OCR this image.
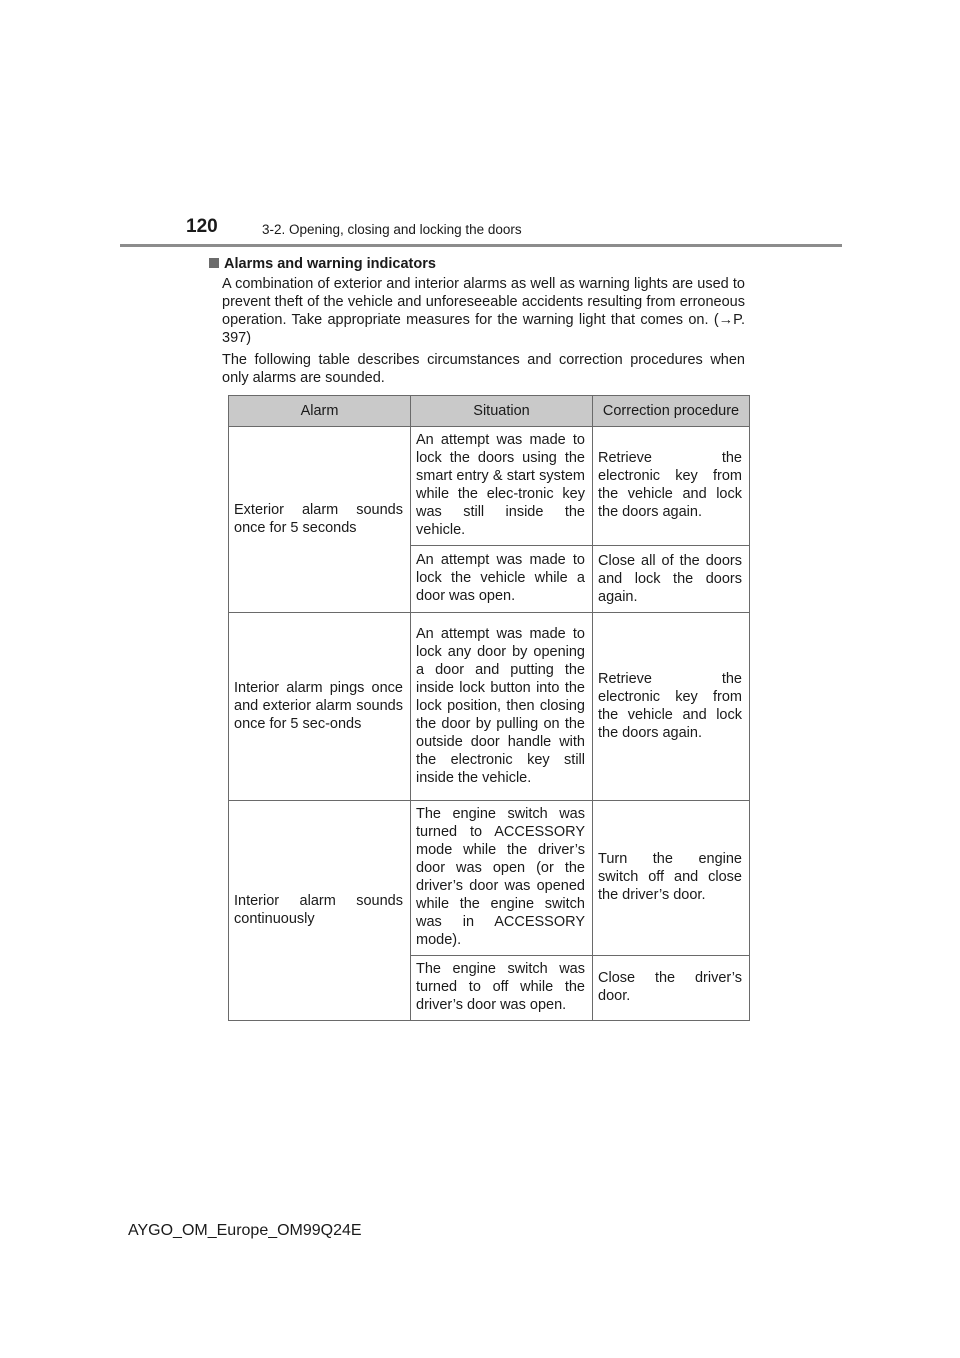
120	3-2. Opening, closing and locking the doors
Alarms and warning indicators

A combination of exterior and interior alarms as well as warning lights are used to prevent theft of the vehicle and unforeseeable accidents resulting from erroneous operation. Take appropriate measures for the warning light that comes on. (→P. 397)

The following table describes circumstances and correction procedures when only alarms are sounded.

Alarm	Situation	Correction procedure
Exterior alarm sounds once for 5 seconds	An attempt was made to lock the doors using the smart entry & start system while the elec-tronic key was still inside the vehicle.	Retrieve the electronic key from the vehicle and lock the doors again.
	An attempt was made to lock the vehicle while a door was open.	Close all of the doors and lock the doors again.
Interior alarm pings once and exterior alarm sounds once for 5 sec-onds	An attempt was made to lock any door by opening a door and putting the inside lock button into the lock position, then closing the door by pulling on the outside door handle with the electronic key still inside the vehicle.	Retrieve the electronic key from the vehicle and lock the doors again.
Interior alarm sounds continuously	The engine switch was turned to ACCESSORY mode while the driver’s door was open (or the driver’s door was opened while the engine switch was in ACCESSORY mode).	Turn the engine switch off and close the driver’s door.
	The engine switch was turned to off while the driver’s door was open.	Close the driver’s door.
AYGO_OM_Europe_OM99Q24E
